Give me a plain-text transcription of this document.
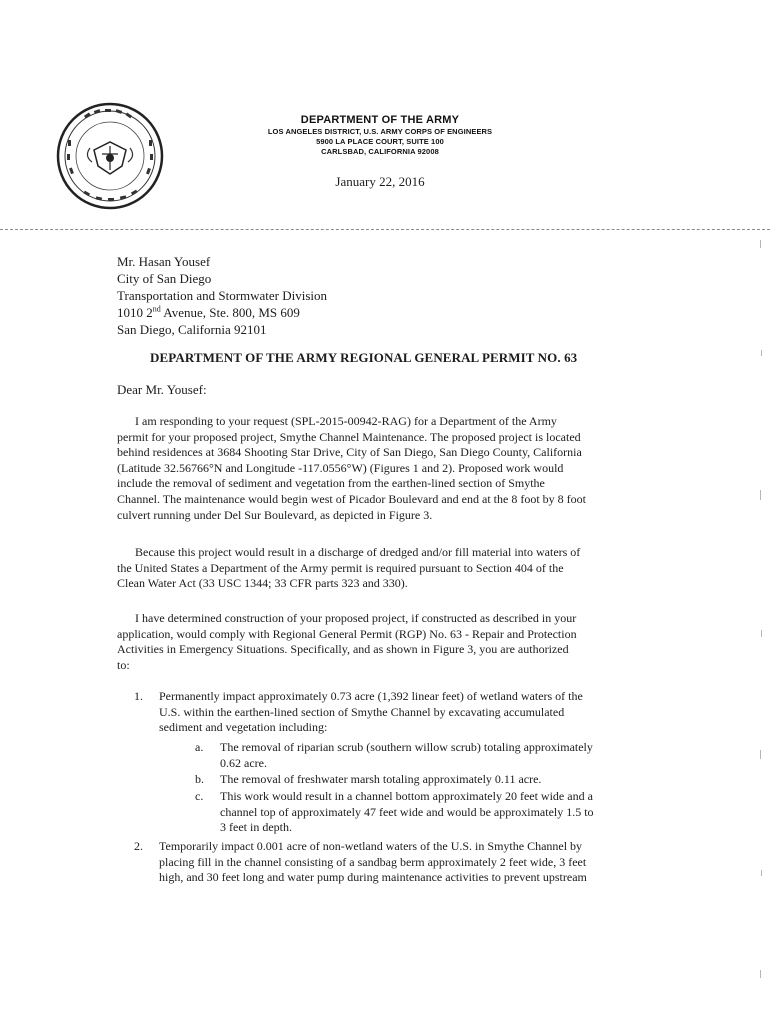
DEPARTMENT OF THE ARMY
LOS ANGELES DISTRICT, U.S. ARMY CORPS OF ENGINEERS
5900 LA PLACE COURT, SUITE 100
CARLSBAD, CALIFORNIA 92008
January 22, 2016
Mr. Hasan Yousef
City of San Diego
Transportation and Stormwater Division
1010 2nd Avenue, Ste. 800, MS 609
San Diego, California 92101
DEPARTMENT OF THE ARMY REGIONAL GENERAL PERMIT NO. 63
Dear Mr. Yousef:
I am responding to your request (SPL-2015-00942-RAG) for a Department of the Army
permit for your proposed project, Smythe Channel Maintenance. The proposed project is located
behind residences at 3684 Shooting Star Drive, City of San Diego, San Diego County, California
(Latitude 32.56766°N and Longitude -117.0556°W) (Figures 1 and 2). Proposed work would
include the removal of sediment and vegetation from the earthen-lined section of Smythe
Channel. The maintenance would begin west of Picador Boulevard and end at the 8 foot by 8 foot
culvert running under Del Sur Boulevard, as depicted in Figure 3.
Because this project would result in a discharge of dredged and/or fill material into waters of
the United States a Department of the Army permit is required pursuant to Section 404 of the
Clean Water Act (33 USC 1344; 33 CFR parts 323 and 330).
I have determined construction of your proposed project, if constructed as described in your
application, would comply with Regional General Permit (RGP) No. 63 - Repair and Protection
Activities in Emergency Situations. Specifically, and as shown in Figure 3, you are authorized
to:
1. Permanently impact approximately 0.73 acre (1,392 linear feet) of wetland waters of the
U.S. within the earthen-lined section of Smythe Channel by excavating accumulated
sediment and vegetation including:
a. The removal of riparian scrub (southern willow scrub) totaling approximately
0.62 acre.
b. The removal of freshwater marsh totaling approximately 0.11 acre.
c. This work would result in a channel bottom approximately 20 feet wide and a
channel top of approximately 47 feet wide and would be approximately 1.5 to
3 feet in depth.
2. Temporarily impact 0.001 acre of non-wetland waters of the U.S. in Smythe Channel by
placing fill in the channel consisting of a sandbag berm approximately 2 feet wide, 3 feet
high, and 30 feet long and water pump during maintenance activities to prevent upstream
